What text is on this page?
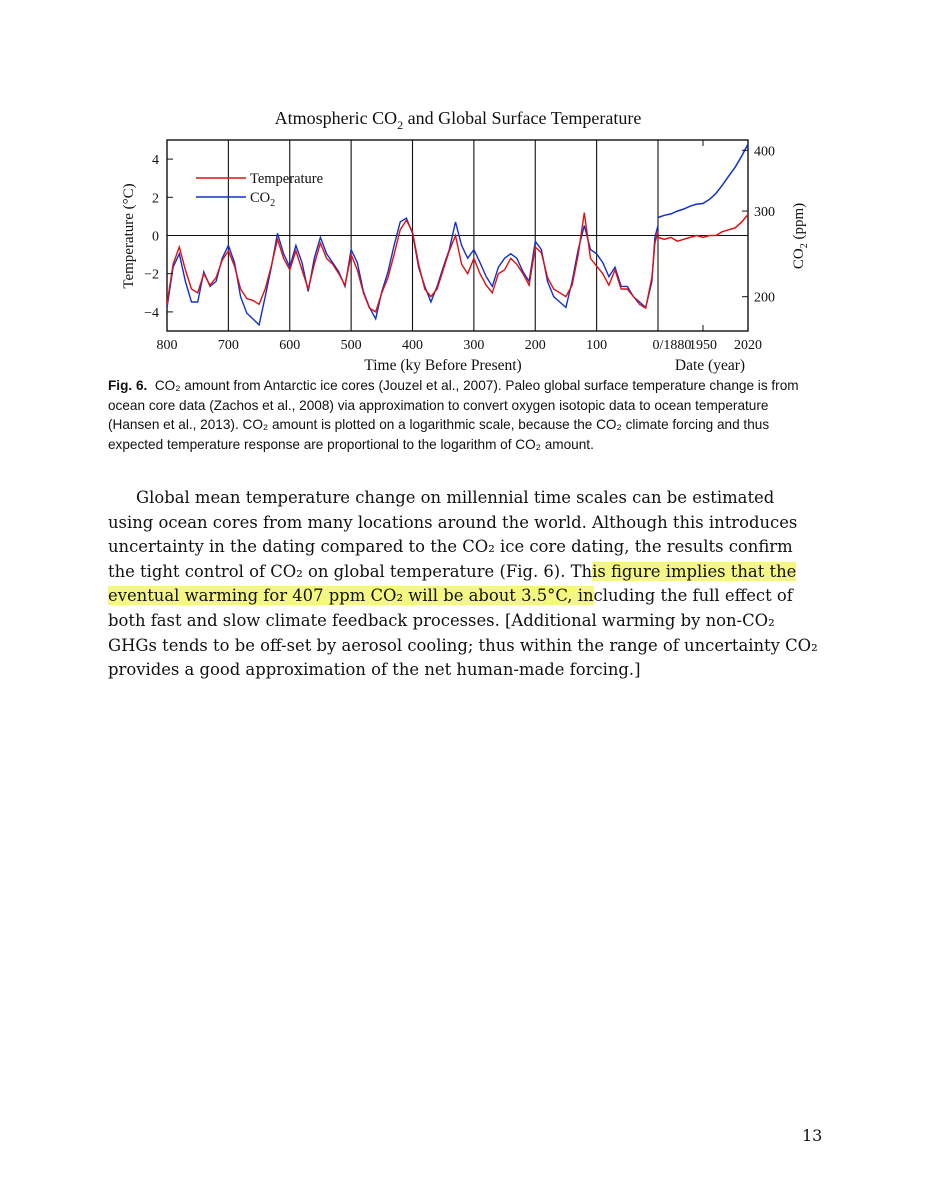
Atmospheric $CO_2$ and Global Surface Temperature
4
2
0
−2
−4
400
300
200
800	700	600	500	400	300	200	100	0/1880
1950 2020
Temperature
$CO_2$
Temperature (°C)	$CO_2$ (ppm)
Time (ky Before Present)	Date (year)
Fig. 6. CO₂ amount from Antarctic ice cores (Jouzel et al., 2007). Paleo global surface temperature change is from ocean core data (Zachos et al., 2008) via approximation to convert oxygen isotopic data to ocean temperature (Hansen et al., 2013). CO₂ amount is plotted on a logarithmic scale, because the CO₂ climate forcing and thus expected temperature response are proportional to the logarithm of CO₂ amount.

Global mean temperature change on millennial time scales can be estimated using ocean cores from many locations around the world. Although this introduces uncertainty in the dating compared to the CO₂ ice core dating, the results confirm the tight control of CO₂ on global temperature (Fig. 6). This figure implies that the eventual warming for 407 ppm CO₂ will be about 3.5°C, including the full effect of both fast and slow climate feedback processes. [Additional warming by non-CO₂ GHGs tends to be off-set by aerosol cooling; thus within the range of uncertainty CO₂ provides a good approximation of the net human-made forcing.]

13
